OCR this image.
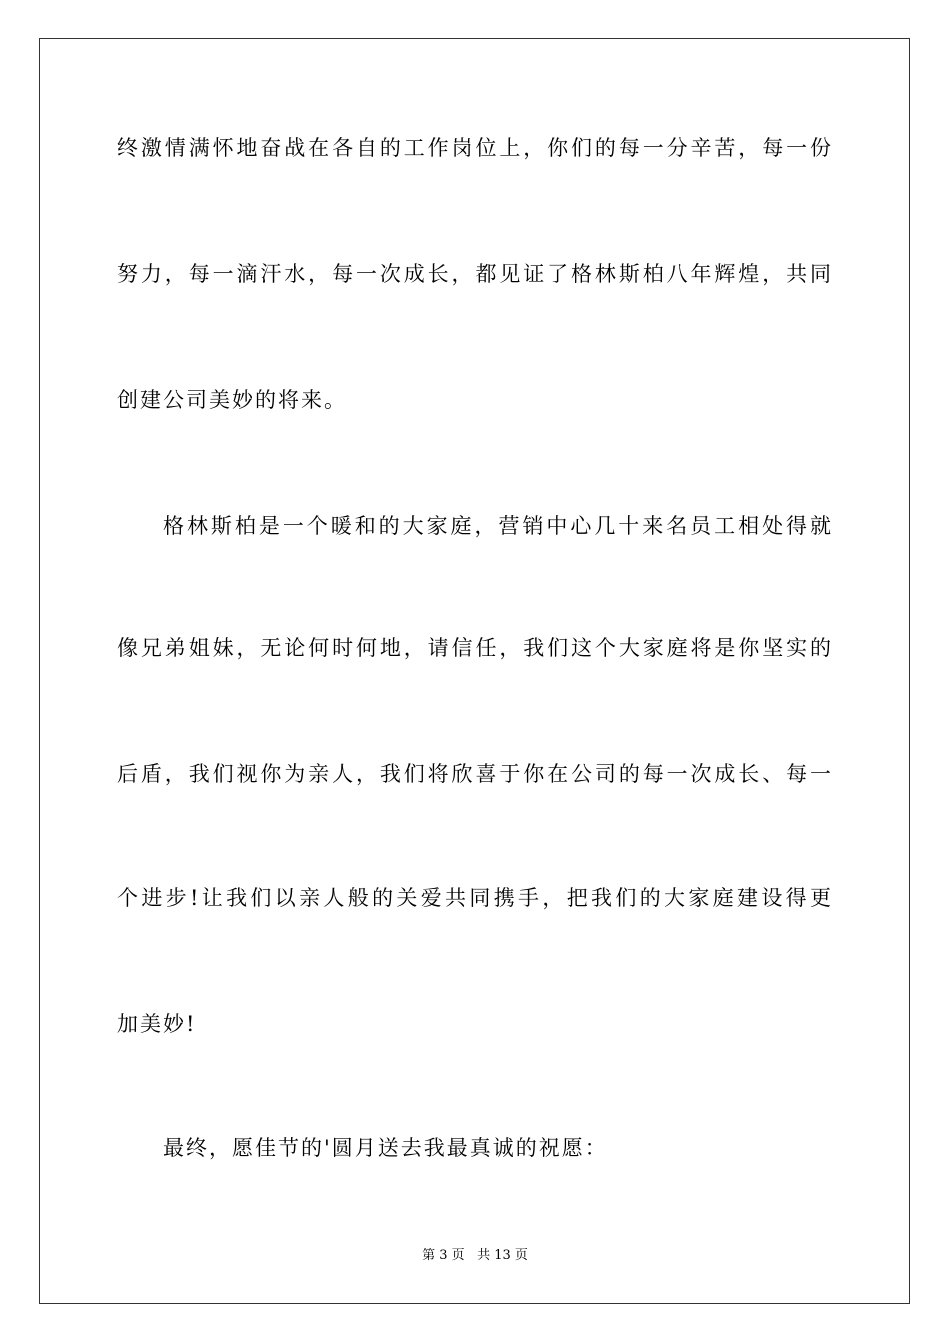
终激情满怀地奋战在各自的工作岗位上，你们的每一分辛苦，每一份
努力，每一滴汗水，每一次成长，都见证了格林斯柏八年辉煌，共同
创建公司美妙的将来。
格林斯柏是一个暖和的大家庭，营销中心几十来名员工相处得就
像兄弟姐妹，无论何时何地，请信任，我们这个大家庭将是你坚实的
后盾，我们视你为亲人，我们将欣喜于你在公司的每一次成长、每一
个进步!让我们以亲人般的关爱共同携手，把我们的大家庭建设得更
加美妙!
最终，愿佳节的'圆月送去我最真诚的祝愿：
第 3 页 共 13 页
